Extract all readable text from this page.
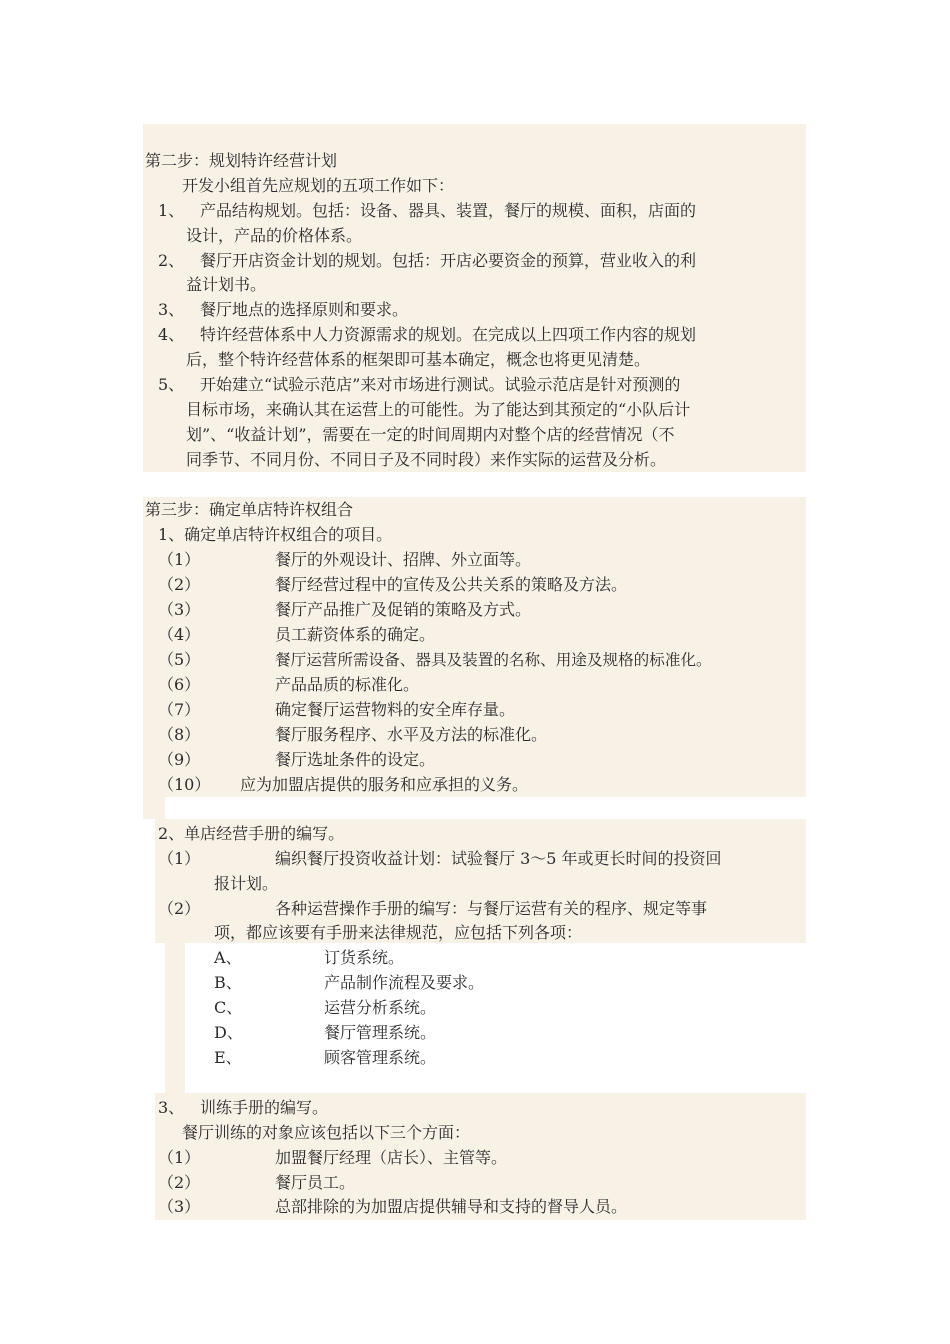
第二步：规划特许经营计划
开发小组首先应规划的五项工作如下：
1、 产品结构规划。包括：设备、器具、装置，餐厅的规模、面积，店面的
设计，产品的价格体系。
2、 餐厅开店资金计划的规划。包括：开店必要资金的预算，营业收入的利
益计划书。
3、 餐厅地点的选择原则和要求。
4、 特许经营体系中人力资源需求的规划。在完成以上四项工作内容的规划
后，整个特许经营体系的框架即可基本确定，概念也将更见清楚。
5、 开始建立“试验示范店”来对市场进行测试。试验示范店是针对预测的
目标市场，来确认其在运营上的可能性。为了能达到其预定的“小队后计
划”、“收益计划”，需要在一定的时间周期内对整个店的经营情况（不
同季节、不同月份、不同日子及不同时段）来作实际的运营及分析。
第三步：确定单店特许权组合
1、确定单店特许权组合的项目。
（1）	餐厅的外观设计、招牌、外立面等。
（2）	餐厅经营过程中的宣传及公共关系的策略及方法。
（3）	餐厅产品推广及促销的策略及方式。
（4）	员工薪资体系的确定。
（5）	餐厅运营所需设备、器具及装置的名称、用途及规格的标准化。
（6）	产品品质的标准化。
（7）	确定餐厅运营物料的安全库存量。
（8）	餐厅服务程序、水平及方法的标准化。
（9）	餐厅选址条件的设定。
（10） 应为加盟店提供的服务和应承担的义务。
2、单店经营手册的编写。
（1）	编织餐厅投资收益计划：试验餐厅 3～5 年或更长时间的投资回
报计划。
（2）	各种运营操作手册的编写：与餐厅运营有关的程序、规定等事
项，都应该要有手册来法律规范，应包括下列各项：
A、	订货系统。
B、	产品制作流程及要求。
C、	运营分析系统。
D、	餐厅管理系统。
E、	顾客管理系统。
3、 训练手册的编写。
餐厅训练的对象应该包括以下三个方面：
（1）	加盟餐厅经理（店长）、主管等。
（2）	餐厅员工。
（3）	总部排除的为加盟店提供辅导和支持的督导人员。
